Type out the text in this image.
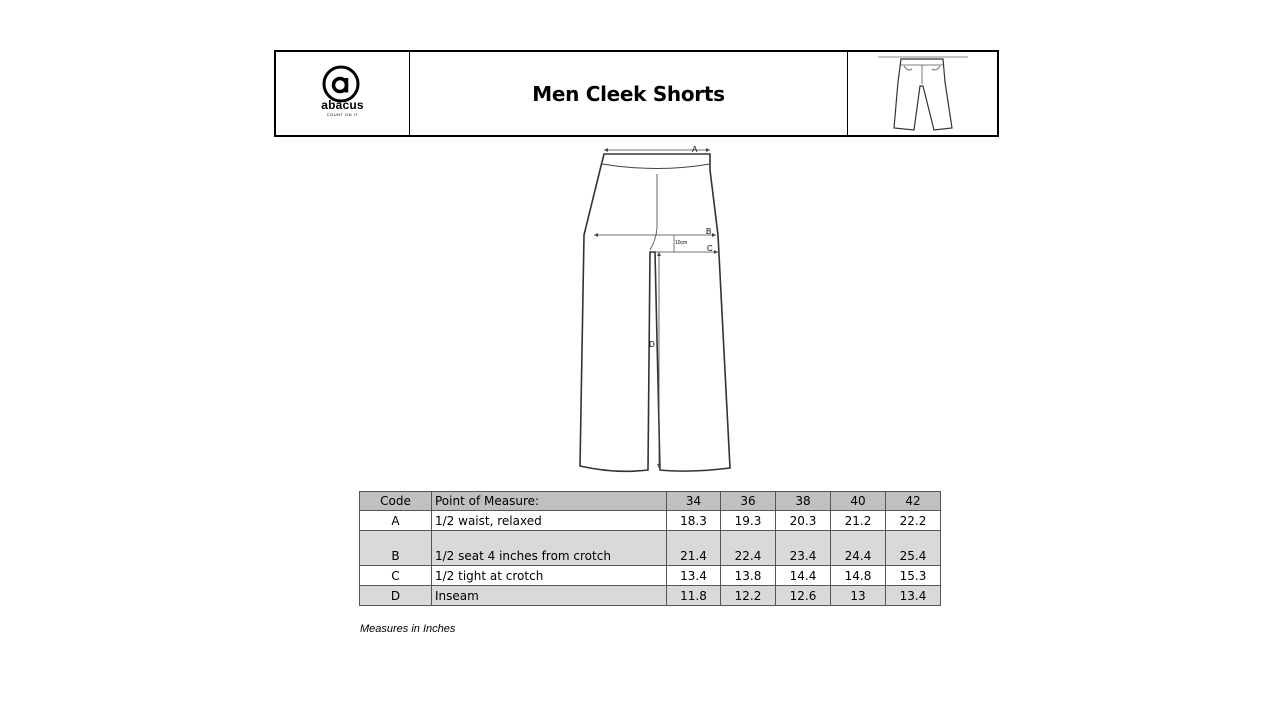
abacus
COUNT ON IT
Men Cleek Shorts
A
B
C
D
10cm
Code	Point of Measure:	34	36	38	40	42
A	1/2 waist, relaxed	18.3	19.3	20.3	21.2	22.2
B	1/2 seat 4 inches from crotch	21.4	22.4	23.4	24.4	25.4
C	1/2 tight at crotch	13.4	13.8	14.4	14.8	15.3
D	Inseam	11.8	12.2	12.6	13	13.4
Measures in Inches
